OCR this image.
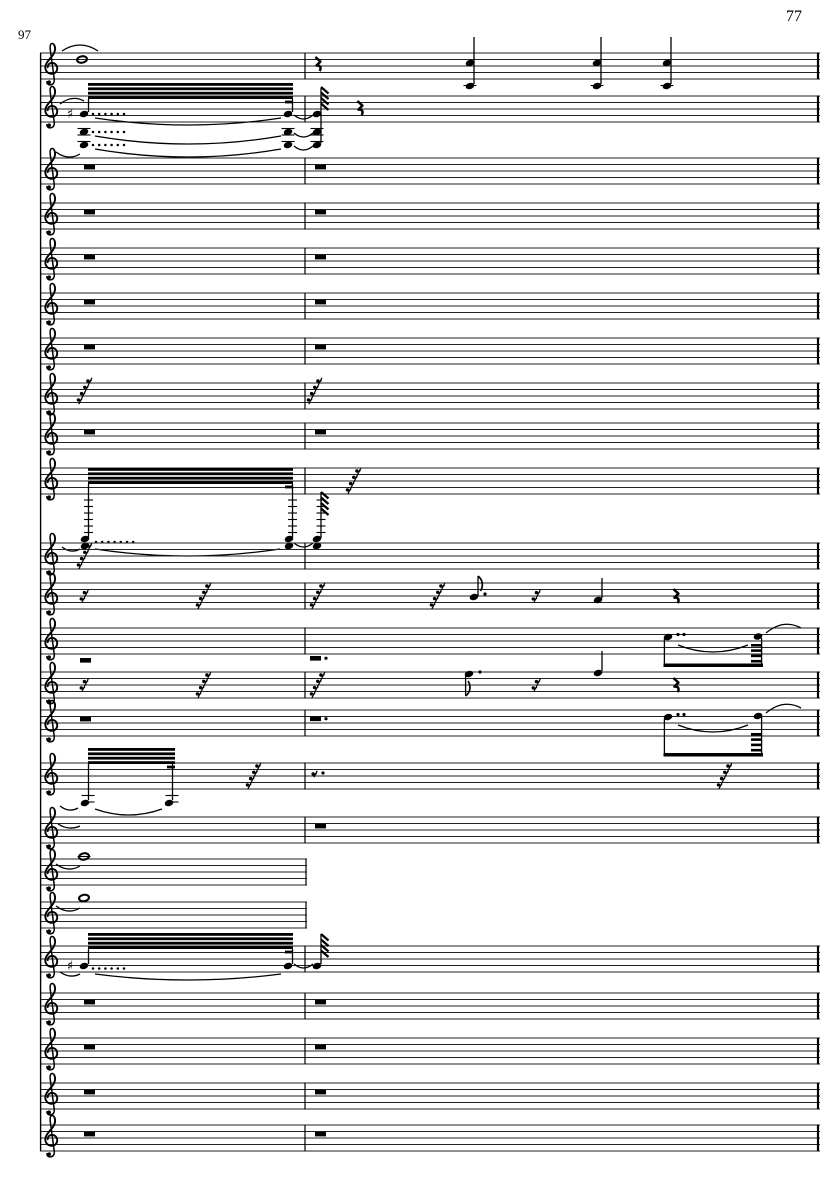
77
97
♯
♯
